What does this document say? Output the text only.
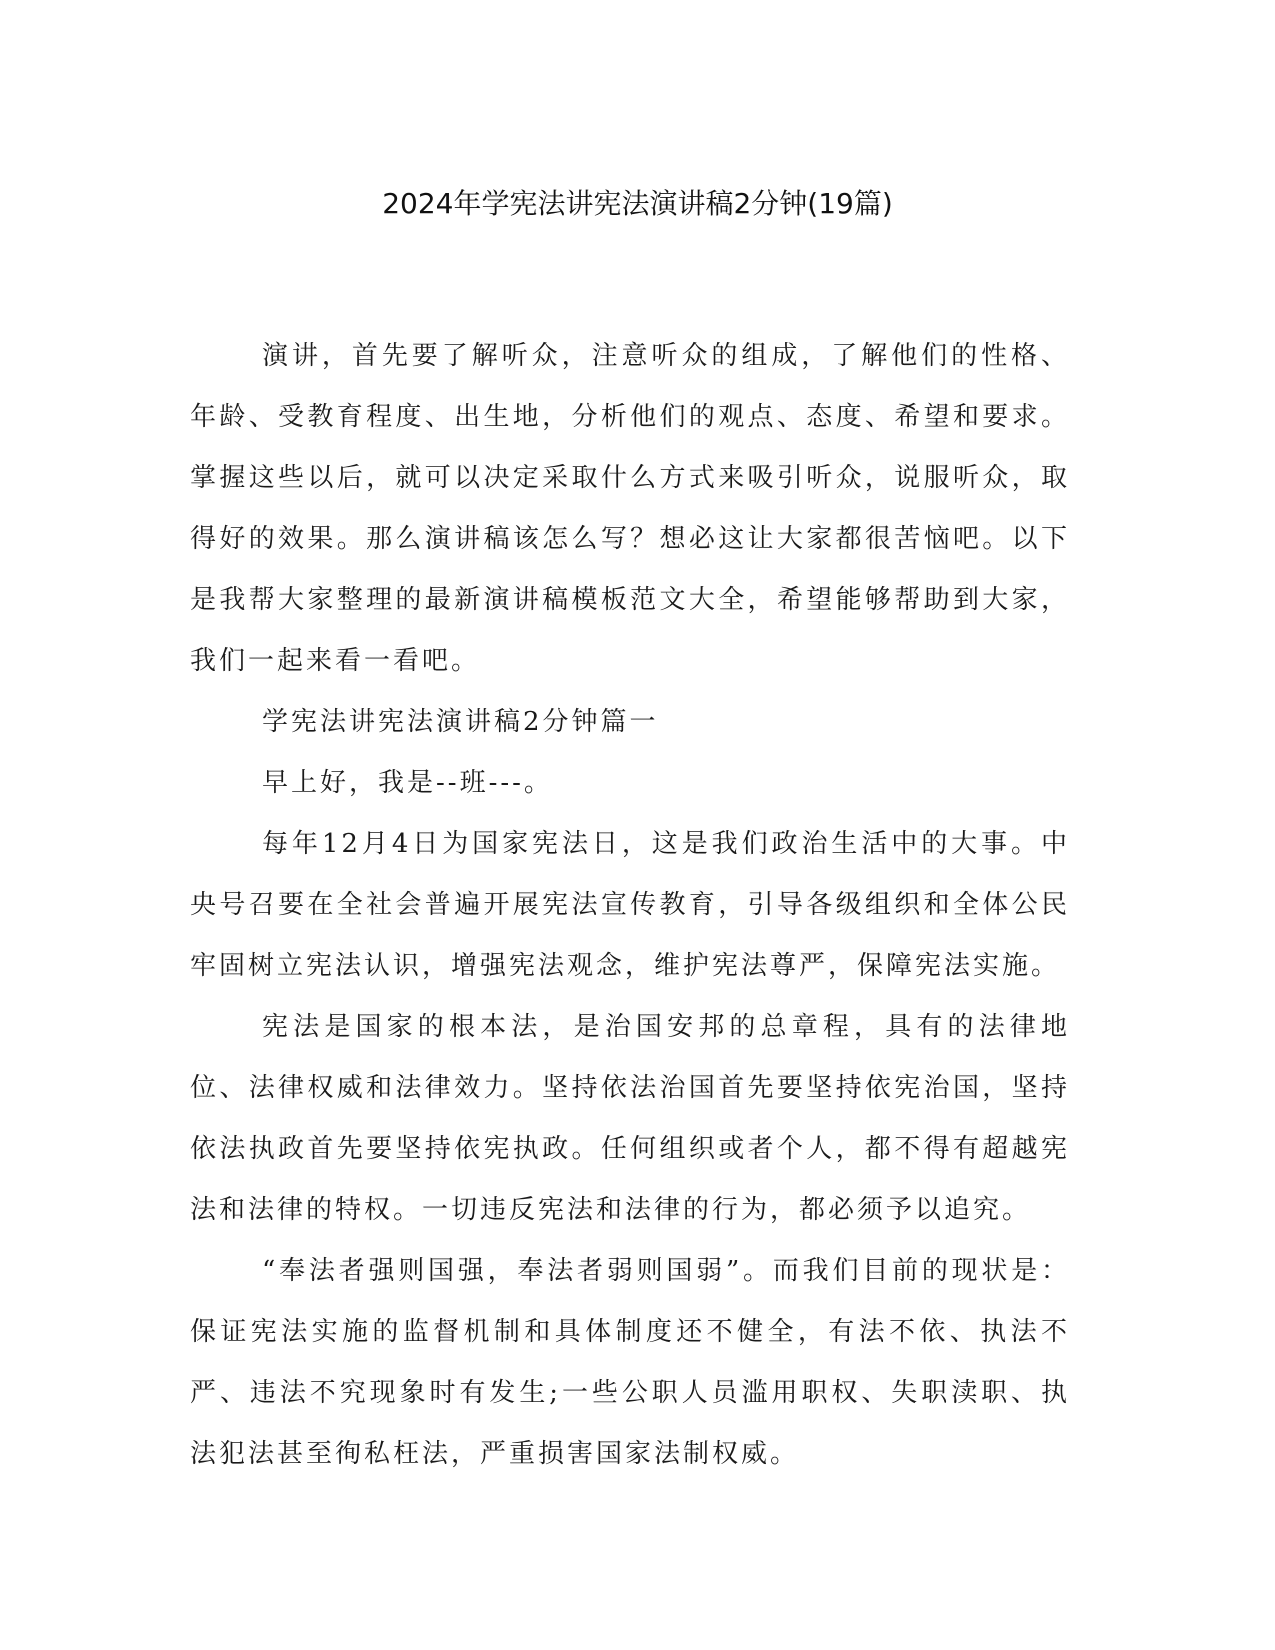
2024年学宪法讲宪法演讲稿2分钟(19篇)

演讲，首先要了解听众，注意听众的组成，了解他们的性格、年龄、受教育程度、出生地，分析他们的观点、态度、希望和要求。掌握这些以后，就可以决定采取什么方式来吸引听众，说服听众，取得好的效果。那么演讲稿该怎么写？想必这让大家都很苦恼吧。以下是我帮大家整理的最新演讲稿模板范文大全，希望能够帮助到大家，我们一起来看一看吧。

学宪法讲宪法演讲稿2分钟篇一

早上好，我是--班---。

每年12月4日为国家宪法日，这是我们政治生活中的大事。中央号召要在全社会普遍开展宪法宣传教育，引导各级组织和全体公民牢固树立宪法认识，增强宪法观念，维护宪法尊严，保障宪法实施。

宪法是国家的根本法，是治国安邦的总章程，具有的法律地位、法律权威和法律效力。坚持依法治国首先要坚持依宪治国，坚持依法执政首先要坚持依宪执政。任何组织或者个人，都不得有超越宪法和法律的特权。一切违反宪法和法律的行为，都必须予以追究。

“奉法者强则国强，奉法者弱则国弱”。而我们目前的现状是：保证宪法实施的监督机制和具体制度还不健全，有法不依、执法不严、违法不究现象时有发生;一些公职人员滥用职权、失职渎职、执法犯法甚至徇私枉法，严重损害国家法制权威。
